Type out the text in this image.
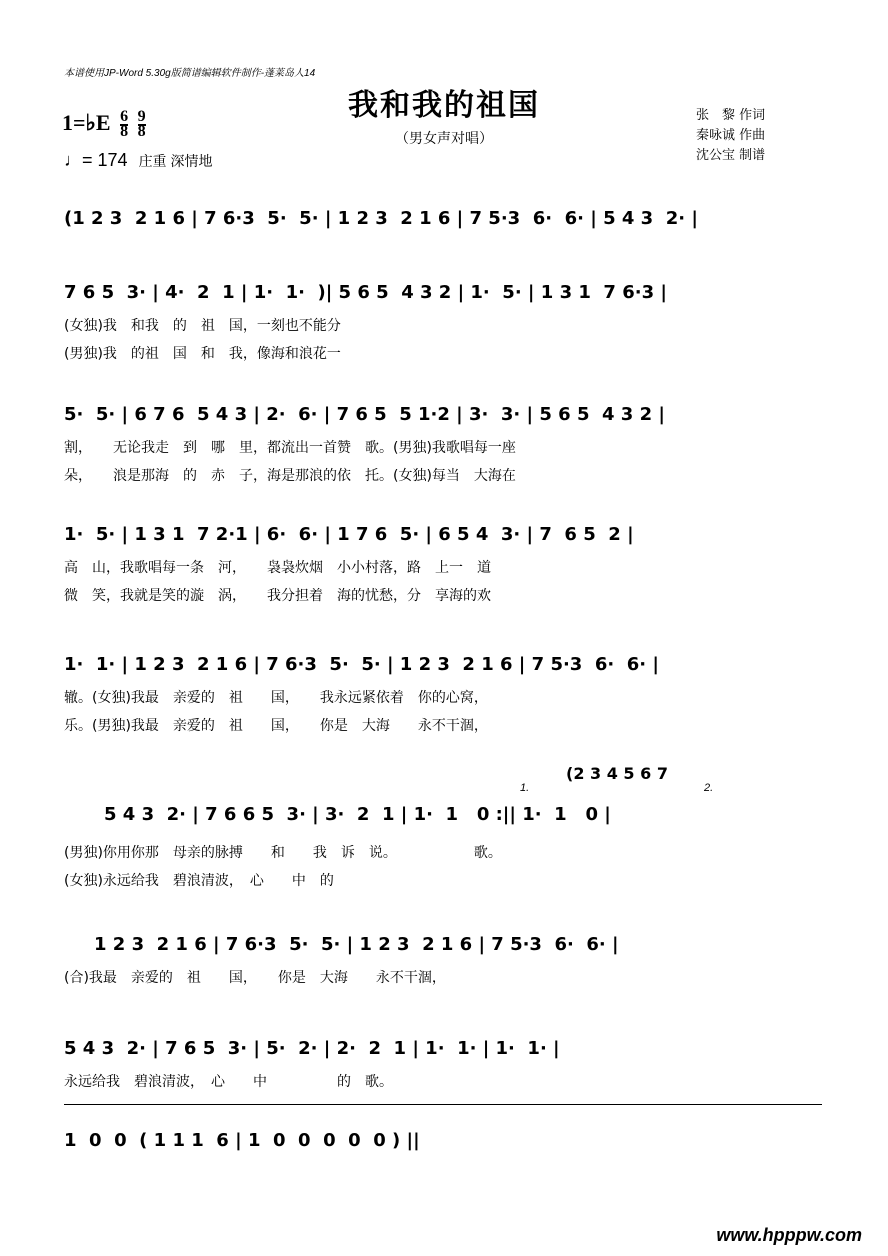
本谱使用JP-Word 5.30g版简谱编辑软件制作-蓬莱岛人14
我和我的祖国
（男女声对唱）
1=♭E $\frac{6}{8}$
$\frac{9}{8}$
♩= 174 庄重 深情地
张　黎 作词
秦咏诚 作曲
沈公宝 制谱
(1 2 3  2 1 6 | 7 6·3  5·  5· | 1 2 3  2 1 6 | 7 5·3  6·  6· | 5 4 3  2· |
7 6 5  3· | 4·  2  1 | 1·  1·  )| 5 6 5  4 3 2 | 1·  5· | 1 3 1  7 6·3 |
(女独)我　和我　的　祖　国，一刻也不能分
(男独)我　的祖　国　和　我，像海和浪花一
5·  5· | 6 7 6  5 4 3 | 2·  6· | 7 6 5  5 1·2 | 3·  3· | 5 6 5  4 3 2 |
割，　　无论我走　到　哪　里，都流出一首赞　歌。(男独)我歌唱每一座
朵，　　浪是那海　的　赤　子，海是那浪的依　托。(女独)每当　大海在
1·  5· | 1 3 1  7 2·1 | 6·  6· | 1 7 6  5· | 6 5 4  3· | 7  6 5  2 |
高　山，我歌唱每一条　河，　　袅袅炊烟　小小村落，路　上一　道
微　笑，我就是笑的漩　涡，　　我分担着　海的忧愁，分　享海的欢
1·  1· | 1 2 3  2 1 6 | 7 6·3  5·  5· | 1 2 3  2 1 6 | 7 5·3  6·  6· |
辙。(女独)我最　亲爱的　祖　　国，　　我永远紧依着　你的心窝，
乐。(男独)我最　亲爱的　祖　　国，　　你是　大海　　永不干涸，
(2 3 4 5 6 7
1.	2.
5 4 3  2· | 7 6 6 5  3· | 3·  2  1 | 1·  1   0 :|| 1·  1   0 |
(男独)你用你那　母亲的脉搏　　和　　我　诉　说。　　　　　　歌。
(女独)永远给我　碧浪清波，　心　　中　的
1 2 3  2 1 6 | 7 6·3  5·  5· | 1 2 3  2 1 6 | 7 5·3  6·  6· |
(合)我最　亲爱的　祖　　国，　　你是　大海　　永不干涸，
5 4 3  2· | 7 6 5  3· | 5·  2· | 2·  2  1 | 1·  1· | 1·  1· |
永远给我　碧浪清波，　心　　中　　　　　的　歌。
1  0  0  ( 1 1 1  6 | 1  0  0  0  0  0 ) ||
www.hpppw.com
